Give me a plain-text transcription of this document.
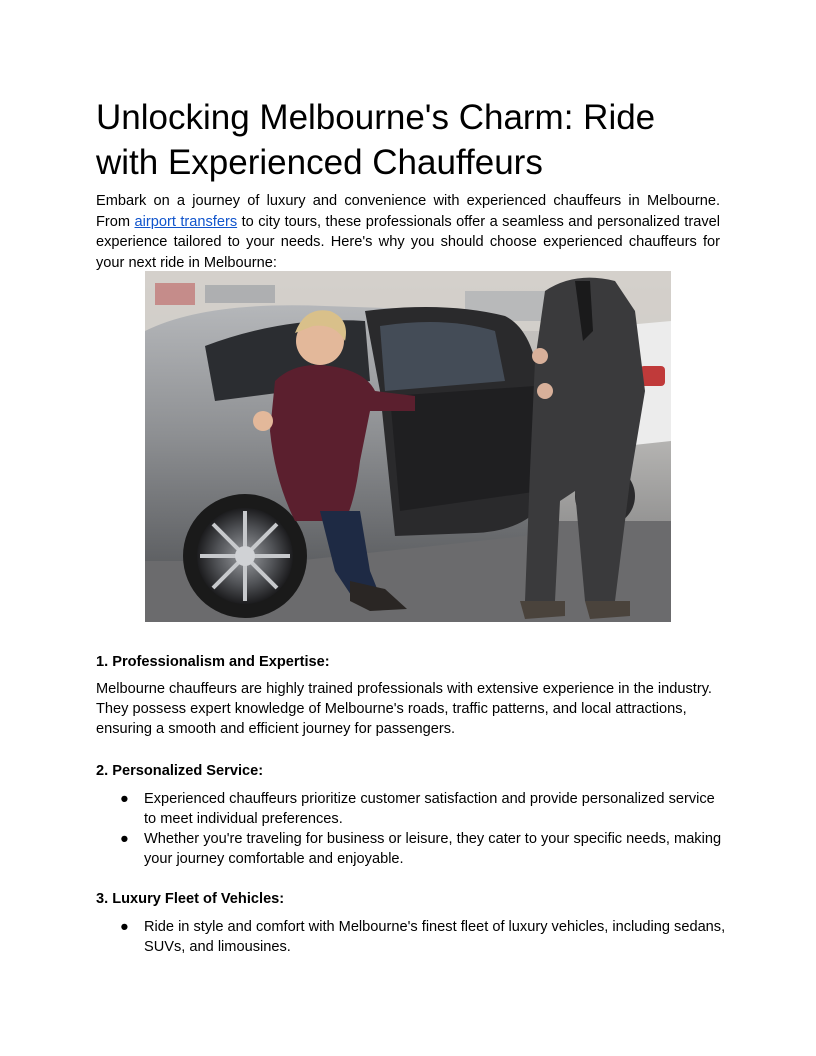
Unlocking Melbourne's Charm: Ride with Experienced Chauffeurs

Embark on a journey of luxury and convenience with experienced chauffeurs in Melbourne. From airport transfers to city tours, these professionals offer a seamless and personalized travel experience tailored to your needs. Here's why you should choose experienced chauffeurs for your next ride in Melbourne:

1. Professionalism and Expertise:

Melbourne chauffeurs are highly trained professionals with extensive experience in the industry. They possess expert knowledge of Melbourne's roads, traffic patterns, and local attractions, ensuring a smooth and efficient journey for passengers.

2. Personalized Service:

● Experienced chauffeurs prioritize customer satisfaction and provide personalized service to meet individual preferences.
● Whether you're traveling for business or leisure, they cater to your specific needs, making your journey comfortable and enjoyable.

3. Luxury Fleet of Vehicles:

● Ride in style and comfort with Melbourne's finest fleet of luxury vehicles, including sedans, SUVs, and limousines.
